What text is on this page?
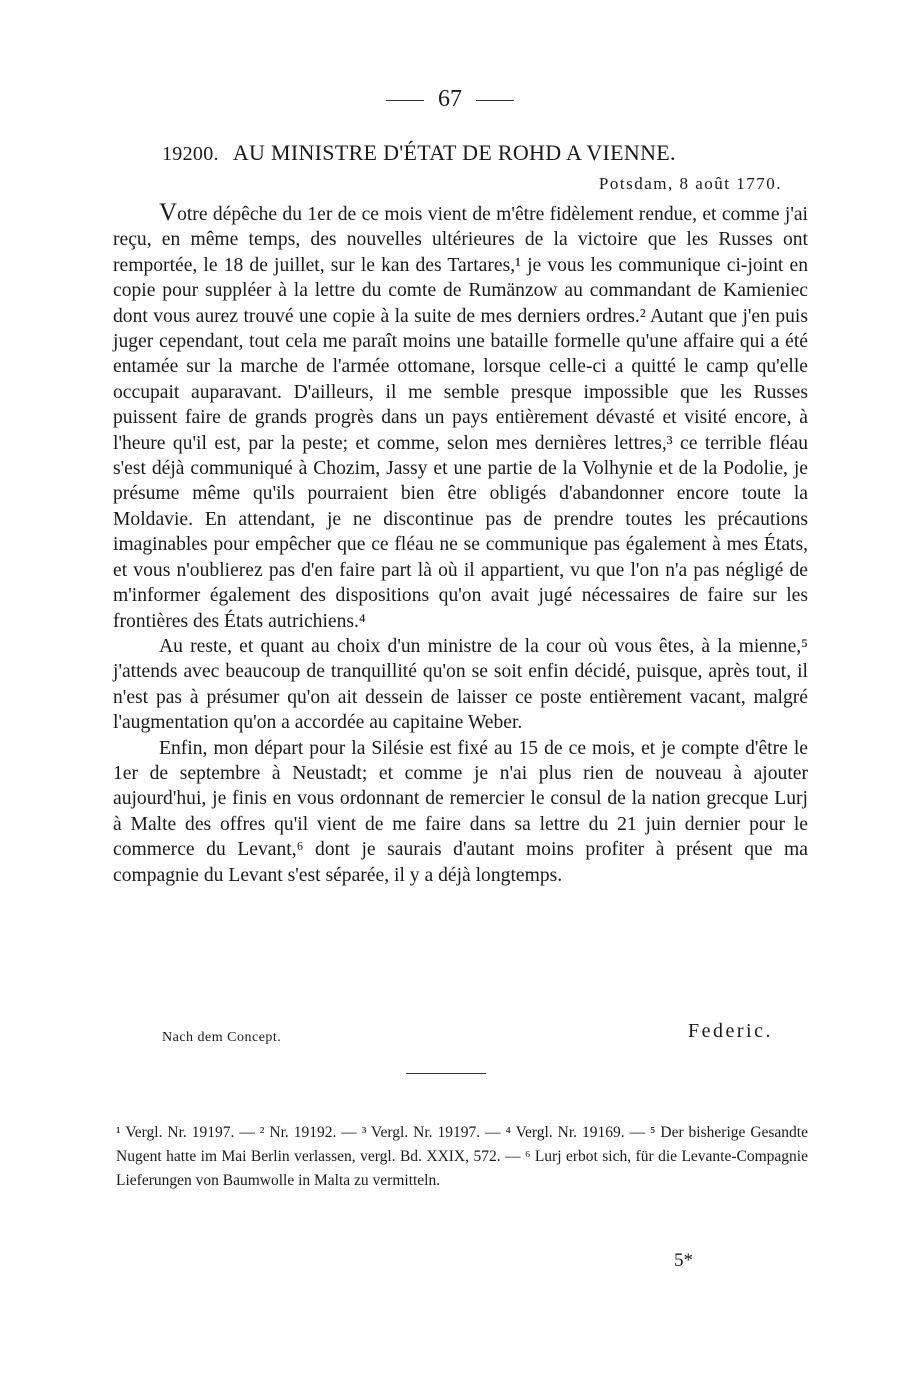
67
19200. AU MINISTRE D'ÉTAT DE ROHD A VIENNE.
Potsdam, 8 août 1770.

Votre dépêche du 1er de ce mois vient de m'être fidèlement rendue, et comme j'ai reçu, en même temps, des nouvelles ultérieures de la victoire que les Russes ont remportée, le 18 de juillet, sur le kan des Tartares,¹ je vous les communique ci-joint en copie pour suppléer à la lettre du comte de Rumänzow au commandant de Kamieniec dont vous aurez trouvé une copie à la suite de mes derniers ordres.² Autant que j'en puis juger cependant, tout cela me paraît moins une bataille formelle qu'une affaire qui a été entamée sur la marche de l'armée ottomane, lorsque celle-ci a quitté le camp qu'elle occupait auparavant. D'ailleurs, il me semble presque impossible que les Russes puissent faire de grands progrès dans un pays entièrement dévasté et visité encore, à l'heure qu'il est, par la peste; et comme, selon mes dernières lettres,³ ce terrible fléau s'est déjà communiqué à Chozim, Jassy et une partie de la Volhynie et de la Podolie, je présume même qu'ils pourraient bien être obligés d'abandonner encore toute la Moldavie. En attendant, je ne discontinue pas de prendre toutes les précautions imaginables pour empêcher que ce fléau ne se communique pas également à mes États, et vous n'oublierez pas d'en faire part là où il appartient, vu que l'on n'a pas négligé de m'informer également des dispositions qu'on avait jugé nécessaires de faire sur les frontières des États autrichiens.⁴

Au reste, et quant au choix d'un ministre de la cour où vous êtes, à la mienne,⁵ j'attends avec beaucoup de tranquillité qu'on se soit enfin décidé, puisque, après tout, il n'est pas à présumer qu'on ait dessein de laisser ce poste entièrement vacant, malgré l'augmentation qu'on a accordée au capitaine Weber.

Enfin, mon départ pour la Silésie est fixé au 15 de ce mois, et je compte d'être le 1er de septembre à Neustadt; et comme je n'ai plus rien de nouveau à ajouter aujourd'hui, je finis en vous ordonnant de remercier le consul de la nation grecque Lurj à Malte des offres qu'il vient de me faire dans sa lettre du 21 juin dernier pour le commerce du Levant,⁶ dont je saurais d'autant moins profiter à présent que ma compagnie du Levant s'est séparée, il y a déjà longtemps.

Nach dem Concept.	Federic.
¹ Vergl. Nr. 19197. — ² Nr. 19192. — ³ Vergl. Nr. 19197. — ⁴ Vergl. Nr. 19169. — ⁵ Der bisherige Gesandte Nugent hatte im Mai Berlin verlassen, vergl. Bd. XXIX, 572. — ⁶ Lurj erbot sich, für die Levante-Compagnie Lieferungen von Baumwolle in Malta zu vermitteln.
5*
